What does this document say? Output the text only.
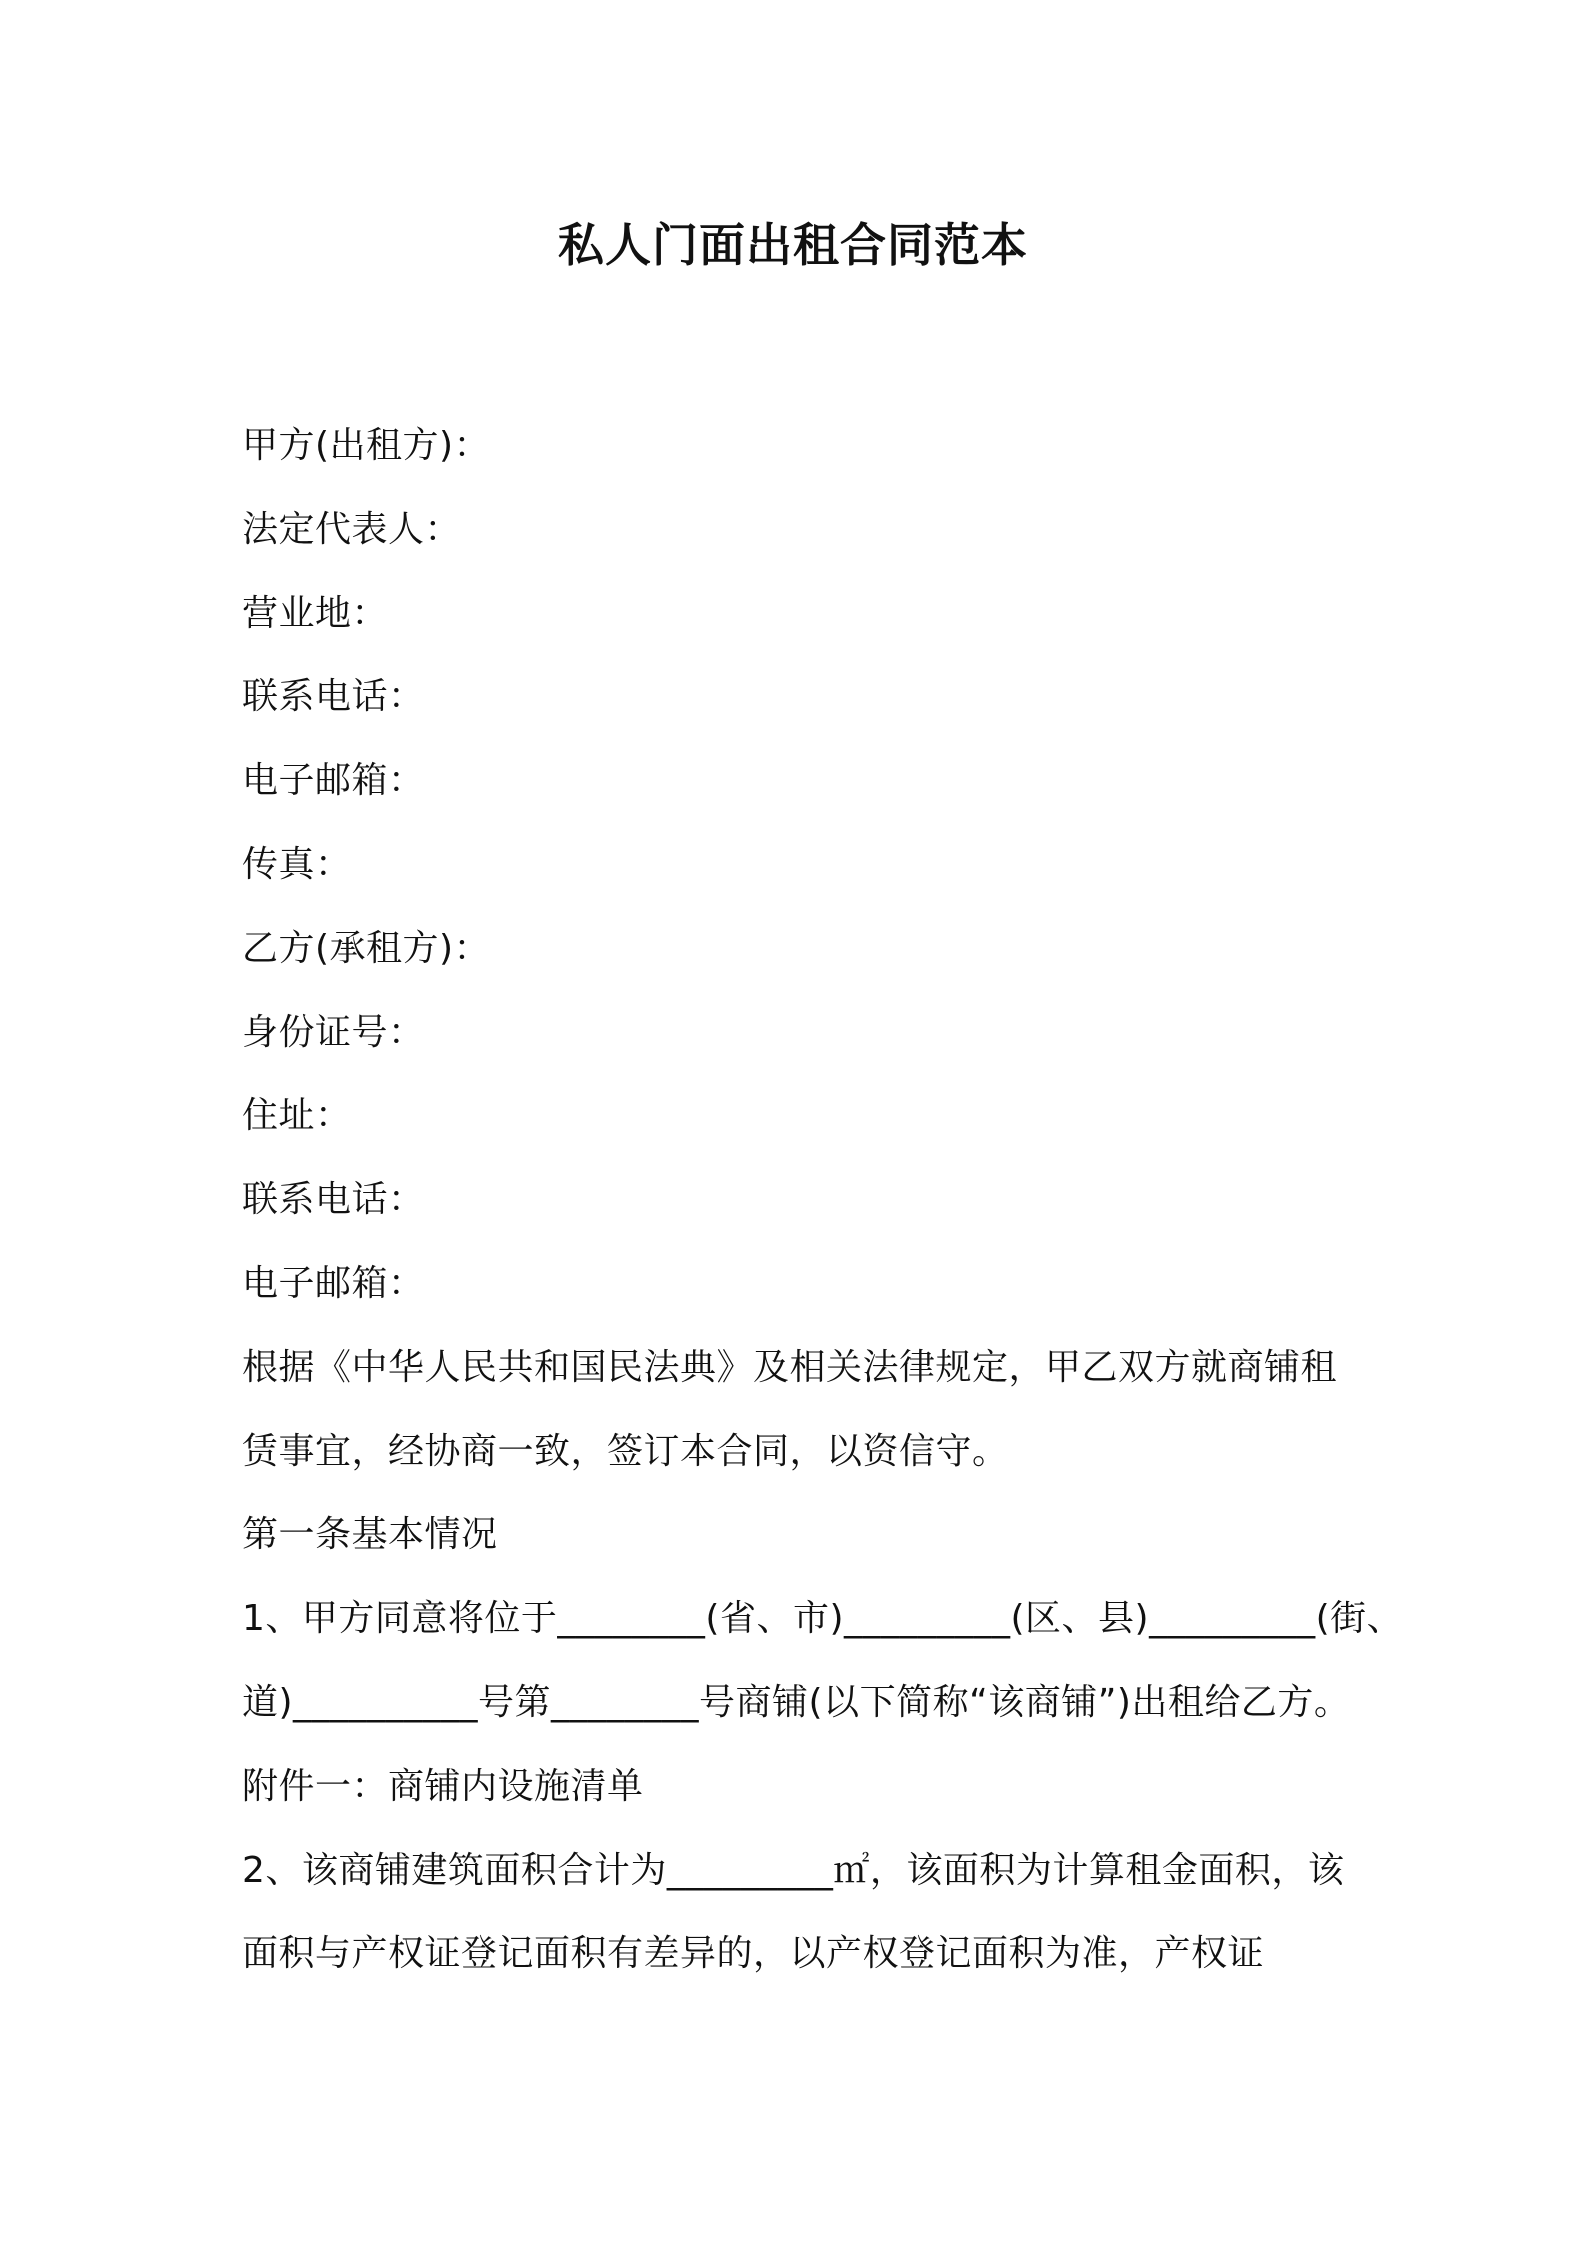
私人门面出租合同范本
甲方(出租方)：
法定代表人：
营业地：
联系电话：
电子邮箱：
传真：
乙方(承租方)：
身份证号：
住址：
联系电话：
电子邮箱：
根据《中华人民共和国民法典》及相关法律规定，甲乙双方就商铺租
赁事宜，经协商一致，签订本合同，以资信守。
第一条基本情况
1、甲方同意将位于________(省、市)_________(区、县)_________(街、
道)__________号第________号商铺(以下简称“该商铺”)出租给乙方。
附件一：商铺内设施清单
2、该商铺建筑面积合计为_________㎡，该面积为计算租金面积，该
面积与产权证登记面积有差异的，以产权登记面积为准，产权证
